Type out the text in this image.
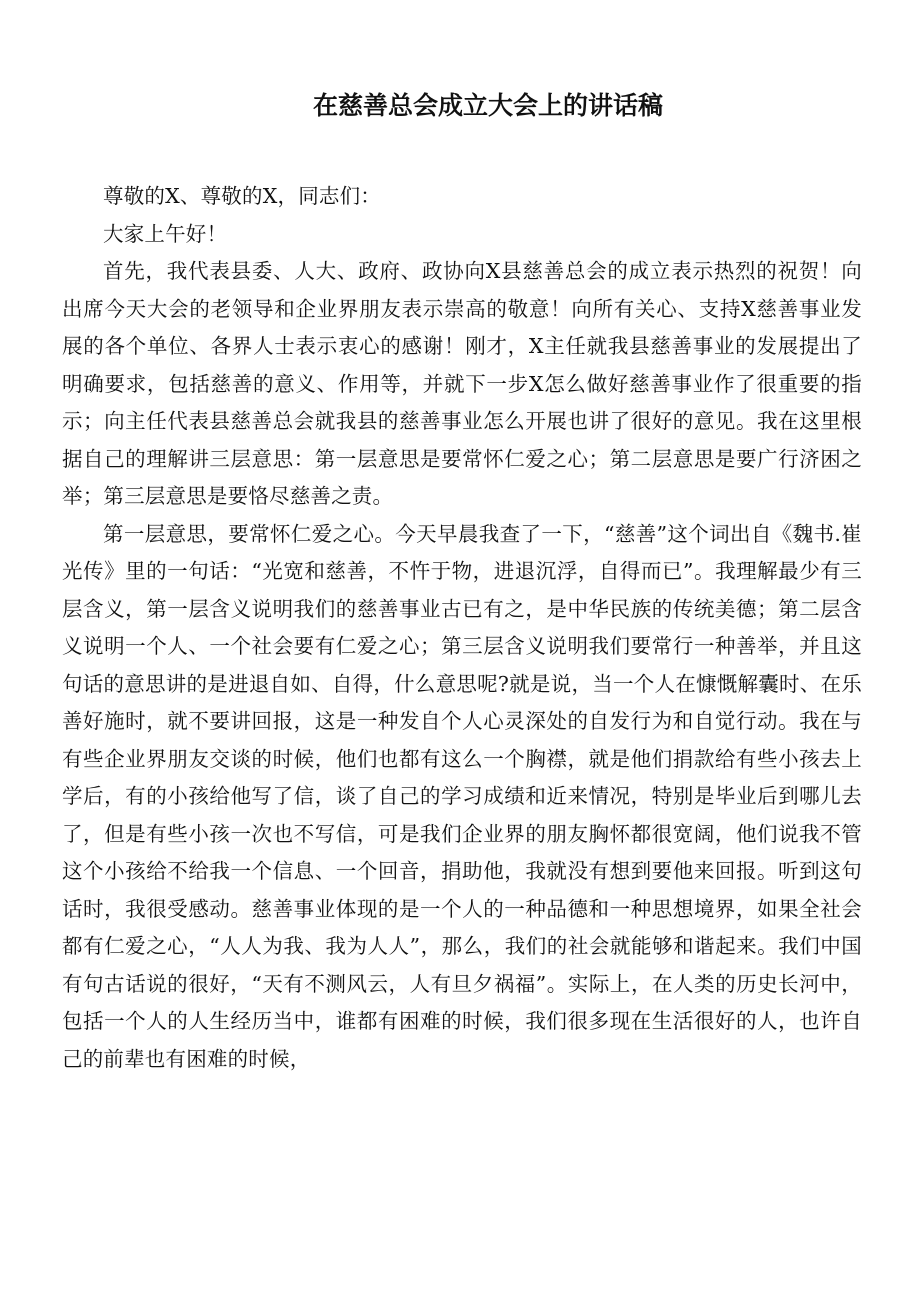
在慈善总会成立大会上的讲话稿

尊敬的X、尊敬的X，同志们：

大家上午好！

首先，我代表县委、人大、政府、政协向X县慈善总会的成立表示热烈的祝贺！向出席今天大会的老领导和企业界朋友表示崇高的敬意！向所有关心、支持X慈善事业发展的各个单位、各界人士表示衷心的感谢！刚才，X主任就我县慈善事业的发展提出了明确要求，包括慈善的意义、作用等，并就下一步X怎么做好慈善事业作了很重要的指示；向主任代表县慈善总会就我县的慈善事业怎么开展也讲了很好的意见。我在这里根据自己的理解讲三层意思：第一层意思是要常怀仁爱之心；第二层意思是要广行济困之举；第三层意思是要恪尽慈善之责。

第一层意思，要常怀仁爱之心。今天早晨我查了一下，“慈善”这个词出自《魏书.崔光传》里的一句话：“光宽和慈善，不忤于物，进退沉浮，自得而已”。我理解最少有三层含义，第一层含义说明我们的慈善事业古已有之，是中华民族的传统美德；第二层含义说明一个人、一个社会要有仁爱之心；第三层含义说明我们要常行一种善举，并且这句话的意思讲的是进退自如、自得，什么意思呢?就是说，当一个人在慷慨解囊时、在乐善好施时，就不要讲回报，这是一种发自个人心灵深处的自发行为和自觉行动。我在与有些企业界朋友交谈的时候，他们也都有这么一个胸襟，就是他们捐款给有些小孩去上学后，有的小孩给他写了信，谈了自己的学习成绩和近来情况，特别是毕业后到哪儿去了，但是有些小孩一次也不写信，可是我们企业界的朋友胸怀都很宽阔，他们说我不管这个小孩给不给我一个信息、一个回音，捐助他，我就没有想到要他来回报。听到这句话时，我很受感动。慈善事业体现的是一个人的一种品德和一种思想境界，如果全社会都有仁爱之心，“人人为我、我为人人”，那么，我们的社会就能够和谐起来。我们中国有句古话说的很好，“天有不测风云，人有旦夕祸福”。实际上，在人类的历史长河中，包括一个人的人生经历当中，谁都有困难的时候，我们很多现在生活很好的人，也许自己的前辈也有困难的时候，
